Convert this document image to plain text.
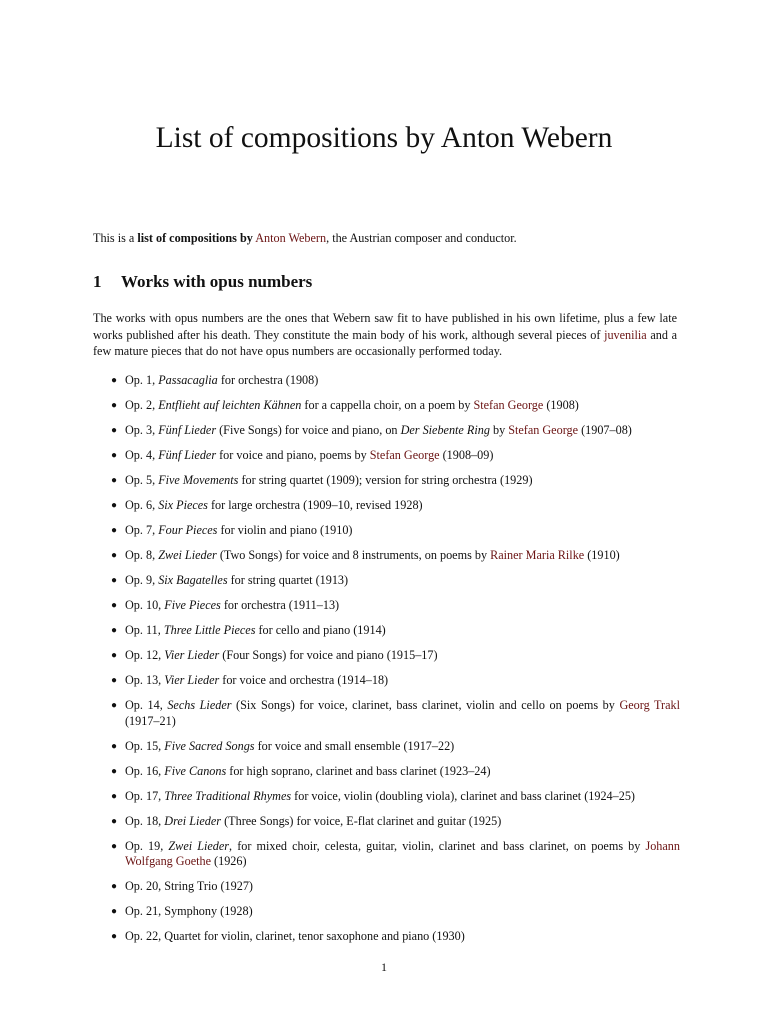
List of compositions by Anton Webern

This is a list of compositions by Anton Webern, the Austrian composer and conductor.

1 Works with opus numbers

The works with opus numbers are the ones that Webern saw fit to have published in his own lifetime, plus a few late works published after his death. They constitute the main body of his work, although several pieces of juvenilia and a few mature pieces that do not have opus numbers are occasionally performed today.

● Op. 1, Passacaglia for orchestra (1908)
● Op. 2, Entflieht auf leichten Kähnen for a cappella choir, on a poem by Stefan George (1908)
● Op. 3, Fünf Lieder (Five Songs) for voice and piano, on Der Siebente Ring by Stefan George (1907–08)
● Op. 4, Fünf Lieder for voice and piano, poems by Stefan George (1908–09)
● Op. 5, Five Movements for string quartet (1909); version for string orchestra (1929)
● Op. 6, Six Pieces for large orchestra (1909–10, revised 1928)
● Op. 7, Four Pieces for violin and piano (1910)
● Op. 8, Zwei Lieder (Two Songs) for voice and 8 instruments, on poems by Rainer Maria Rilke (1910)
● Op. 9, Six Bagatelles for string quartet (1913)
● Op. 10, Five Pieces for orchestra (1911–13)
● Op. 11, Three Little Pieces for cello and piano (1914)
● Op. 12, Vier Lieder (Four Songs) for voice and piano (1915–17)
● Op. 13, Vier Lieder for voice and orchestra (1914–18)
● Op. 14, Sechs Lieder (Six Songs) for voice, clarinet, bass clarinet, violin and cello on poems by Georg Trakl (1917–21)
● Op. 15, Five Sacred Songs for voice and small ensemble (1917–22)
● Op. 16, Five Canons for high soprano, clarinet and bass clarinet (1923–24)
● Op. 17, Three Traditional Rhymes for voice, violin (doubling viola), clarinet and bass clarinet (1924–25)
● Op. 18, Drei Lieder (Three Songs) for voice, E-flat clarinet and guitar (1925)
● Op. 19, Zwei Lieder, for mixed choir, celesta, guitar, violin, clarinet and bass clarinet, on poems by Johann Wolfgang Goethe (1926)
● Op. 20, String Trio (1927)
● Op. 21, Symphony (1928)
● Op. 22, Quartet for violin, clarinet, tenor saxophone and piano (1930)
1
